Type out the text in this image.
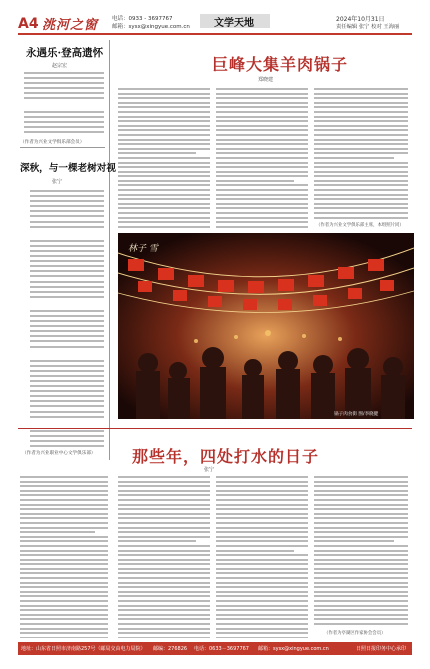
A4 洮河之窗	电话：0933 - 3697767
邮箱：sysx@xingyue.com.cn 文学天地	2024年10月31日
责任编辑 张宁 校对 王海丽
永遇乐·登高遗怀
赵宗宏
（作者为兴业文学俱乐部会员）
深秋，与一棵老树对视
张宁
（作者为兴业职业中心文学俱乐部）
巨峰大集羊肉锅子
郑晓建
（作者为兴业文学俱乐部主席，本组照片同）
林子 雪
锅子肉食街 图/李晓健
那些年，四处打水的日子
张宁
（作者为亭湖区作家协会会员）
地址：山东省日照市济南路257号（邮局交由电力局院） 邮编：276826 电话：0633－3697767 邮箱：sysx@xingyue.com.cn	日照日报印务中心承印
